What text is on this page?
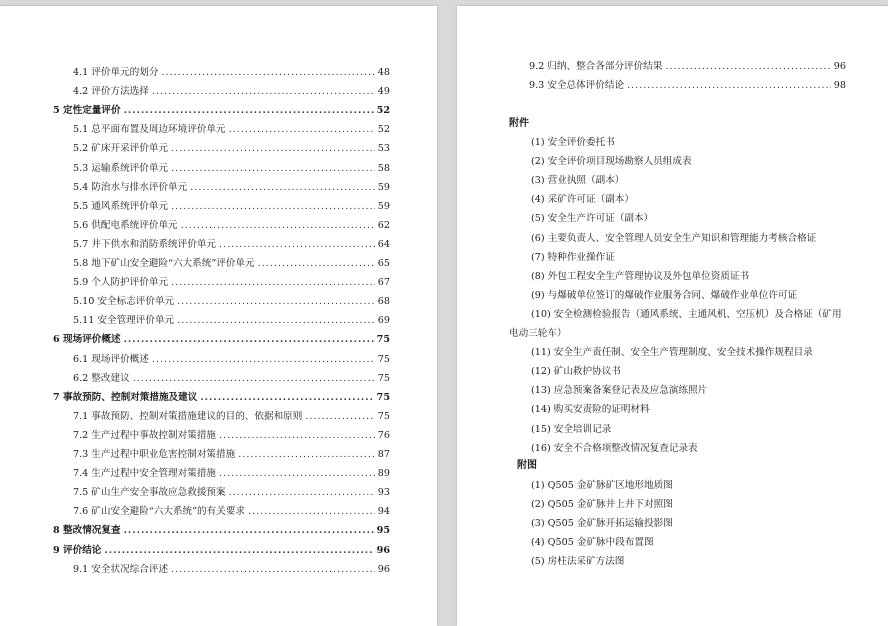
4.1 评价单元的划分 .....	48
4.2 评价方法选择 .....	49
5 定性定量评价 .....	52
5.1 总平面布置及周边环境评价单元 .....	52
5.2 矿床开采评价单元 .....	53
5.3 运输系统评价单元 .....	58
5.4 防治水与排水评价单元 .....	59
5.5 通风系统评价单元 .....	59
5.6 供配电系统评价单元 .....	62
5.7 井下供水和消防系统评价单元 .....	64
5.8 地下矿山安全避险“六大系统”评价单元 .....	65
5.9 个人防护评价单元 .....	67
5.10 安全标志评价单元 .....	68
5.11 安全管理评价单元 .....	69
6 现场评价概述 .....	75
6.1 现场评价概述 .....	75
6.2 整改建议 .....	75
7 事故预防、控制对策措施及建议 .....	75
7.1 事故预防、控制对策措施建议的目的、依据和原则 .....	75
7.2 生产过程中事故控制对策措施 .....	76
7.3 生产过程中职业危害控制对策措施 .....	87
7.4 生产过程中安全管理对策措施 .....	89
7.5 矿山生产安全事故应急救援预案 .....	93
7.6 矿山安全避险“六大系统”的有关要求 .....	94
8 整改情况复查 .....	95
9 评价结论 .....	96
9.1 安全状况综合评述 .....	96
9.2 归纳、整合各部分评价结果 .....	96
9.3 安全总体评价结论 .....	98
附件
(1) 安全评价委托书
(2) 安全评价项目现场勘察人员组成表
(3) 营业执照（副本）
(4) 采矿许可证（副本）
(5) 安全生产许可证（副本）
(6) 主要负责人、安全管理人员安全生产知识和管理能力考核合格证
(7) 特种作业操作证
(8) 外包工程安全生产管理协议及外包单位资质证书
(9) 与爆破单位签订的爆破作业服务合同、爆破作业单位许可证
(10) 安全检测检验报告（通风系统、主通风机、空压机）及合格证（矿用
电动三轮车）
(11) 安全生产责任制、安全生产管理制度、安全技术操作规程目录
(12) 矿山救护协议书
(13) 应急预案备案登记表及应急演练照片
(14) 购买安责险的证明材料
(15) 安全培训记录
(16) 安全不合格项整改情况复查记录表
附图
(1) Q505 金矿脉矿区地形地质图
(2) Q505 金矿脉井上井下对照图
(3) Q505 金矿脉开拓运输投影图
(4) Q505 金矿脉中段布置图
(5) 房柱法采矿方法图
